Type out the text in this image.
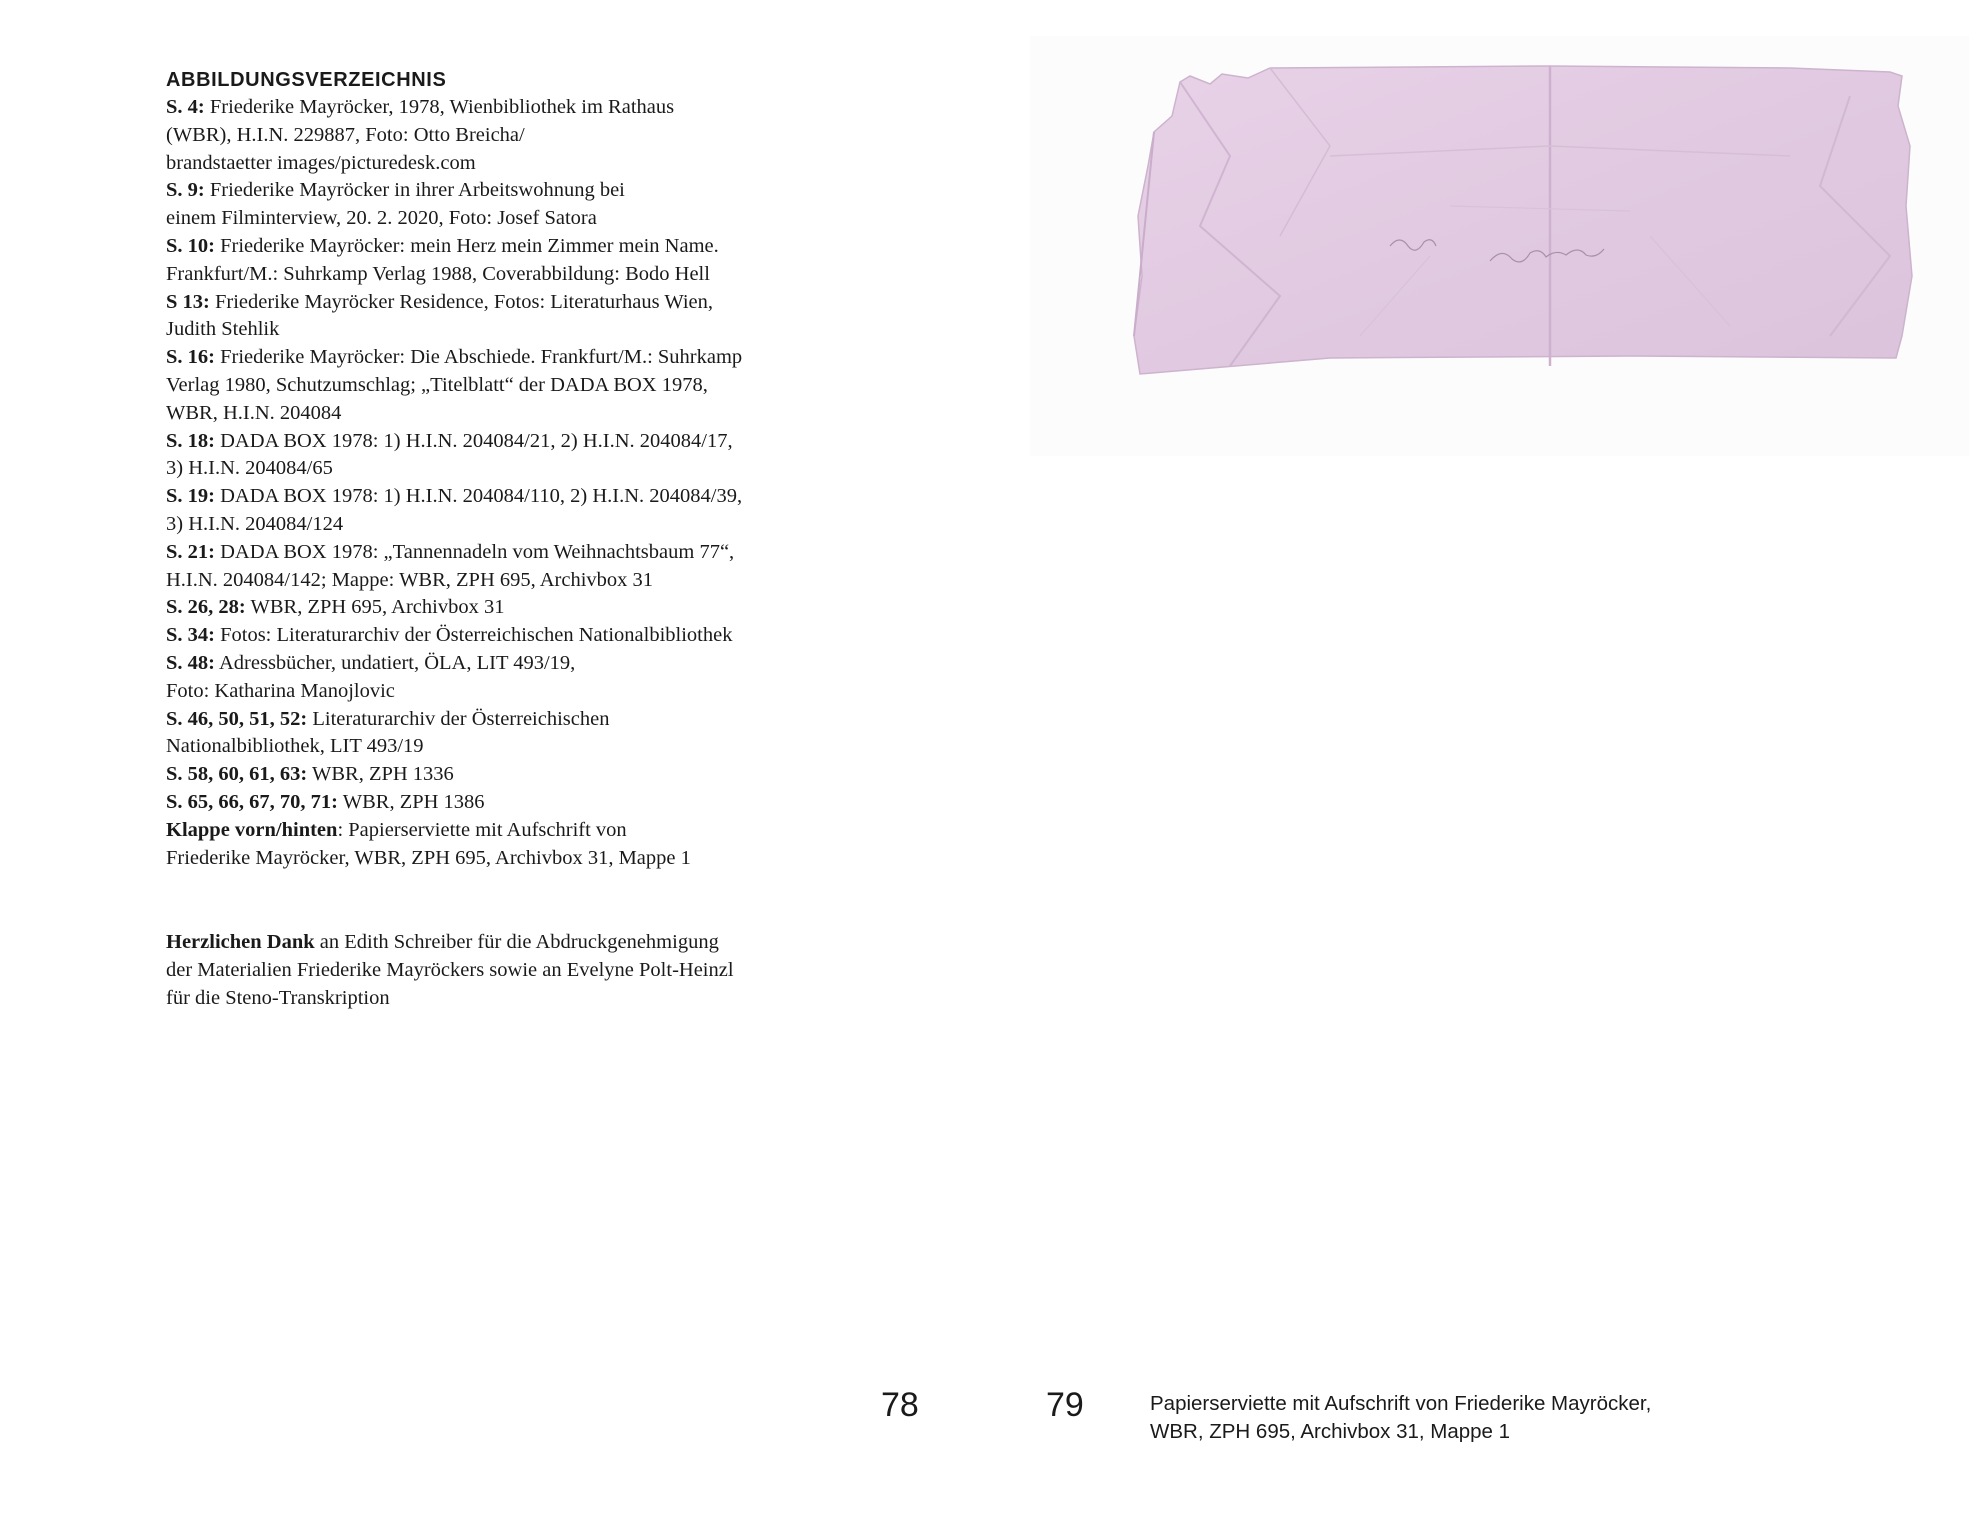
ABBILDUNGSVERZEICHNIS

S. 4: Friederike Mayröcker, 1978, Wienbibliothek im Rathaus
(WBR), H.I.N. 229887, Foto: Otto Breicha/
brandstaetter images/picturedesk.com

S. 9: Friederike Mayröcker in ihrer Arbeitswohnung bei
einem Filminterview, 20. 2. 2020, Foto: Josef Satora

S. 10: Friederike Mayröcker: mein Herz mein Zimmer mein Name.
Frankfurt/M.: Suhrkamp Verlag 1988, Coverabbildung: Bodo Hell

S 13: Friederike Mayröcker Residence, Fotos: Literaturhaus Wien,
Judith Stehlik

S. 16: Friederike Mayröcker: Die Abschiede. Frankfurt/M.: Suhrkamp
Verlag 1980, Schutzumschlag; „Titelblatt“ der DADA BOX 1978,
WBR, H.I.N. 204084

S. 18: DADA BOX 1978: 1) H.I.N. 204084/21, 2) H.I.N. 204084/17,
3) H.I.N. 204084/65

S. 19: DADA BOX 1978: 1) H.I.N. 204084/110, 2) H.I.N. 204084/39,
3) H.I.N. 204084/124

S. 21: DADA BOX 1978: „Tannennadeln vom Weihnachtsbaum 77“,
H.I.N. 204084/142; Mappe: WBR, ZPH 695, Archivbox 31

S. 26, 28: WBR, ZPH 695, Archivbox 31

S. 34: Fotos: Literaturarchiv der Österreichischen Nationalbibliothek

S. 48: Adressbücher, undatiert, ÖLA, LIT 493/19,
Foto: Katharina Manojlovic

S. 46, 50, 51, 52: Literaturarchiv der Österreichischen
Nationalbibliothek, LIT 493/19

S. 58, 60, 61, 63: WBR, ZPH 1336

S. 65, 66, 67, 70, 71: WBR, ZPH 1386

Klappe vorn/hinten: Papierserviette mit Aufschrift von
Friederike Mayröcker, WBR, ZPH 695, Archivbox 31, Mappe 1

Herzlichen Dank an Edith Schreiber für die Abdruckgenehmigung
der Materialien Friederike Mayröckers sowie an Evelyne Polt-Heinzl
für die Steno-Transkription
78	79	Papierserviette mit Aufschrift von Friederike Mayröcker,
WBR, ZPH 695, Archivbox 31, Mappe 1
